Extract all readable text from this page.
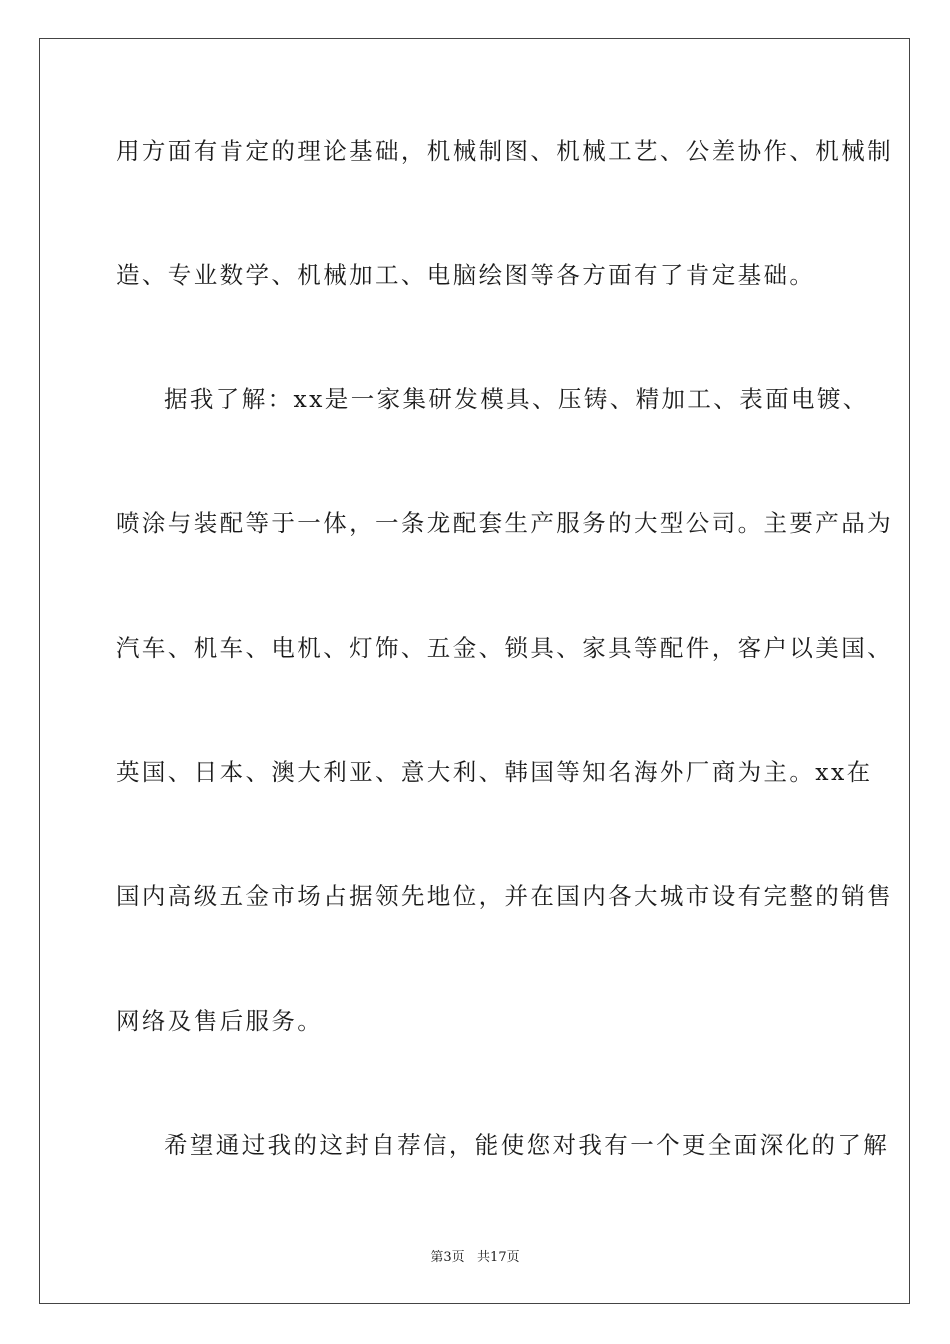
用方面有肯定的理论基础，机械制图、机械工艺、公差协作、机械制
造、专业数学、机械加工、电脑绘图等各方面有了肯定基础。
据我了解：xx是一家集研发模具、压铸、精加工、表面电镀、
喷涂与装配等于一体，一条龙配套生产服务的大型公司。主要产品为
汽车、机车、电机、灯饰、五金、锁具、家具等配件，客户以美国、
英国、日本、澳大利亚、意大利、韩国等知名海外厂商为主。xx在
国内高级五金市场占据领先地位，并在国内各大城市设有完整的销售
网络及售后服务。
希望通过我的这封自荐信，能使您对我有一个更全面深化的了解
第3页   共17页
